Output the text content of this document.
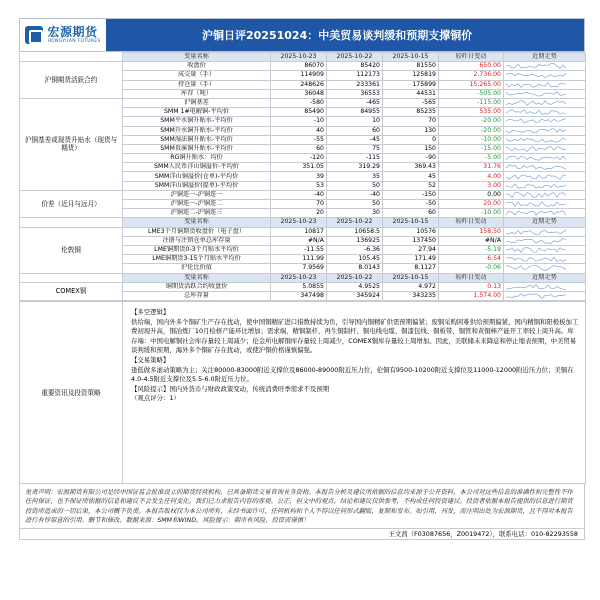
宏源期货
HONGYUAN FUTURES	沪铜日评20251024：中美贸易谈判缓和预期支撑铜价
	变量名称	2025-10-23	2025-10-22	2025-10-15	较昨日变动	近期走势
沪铜期货活跃合约	收盘价	86070	85420	81550	650.00	

	成交量（手）	114909	112173	125819	2,736.00	

	持仓量（手）	248626	233361	175899	15,265.00	

	库存（吨）	36048	36553	44531	-505.00	

沪铜基差或现货升贴水（现货与期货）	沪铜基差	-580	-465	-565	-115.00	

	SMM 1#电解铜-平均价	85490	84955	85235	535.00	

	SMM平水铜升贴水-平均价	-10	10	70	-20.00	

	SMM升水铜升贴水-平均价	40	60	130	-20.00	

	SMM湿法铜升贴水-平均价	-55	-45	0	-10.00	

	SMM贵溪铜升贴水-平均价	60	75	150	-15.00	

	RG铜升贴水：均价	-120	-115	-90	-5.00	

	SMM人民币洋山铜溢价-平均价	351.05	319.29	369.43	31.76	

	SMM洋山铜溢价(仓单)-平均价	39	35	45	4.00	

	SMM洋山铜溢价(提单)-平均价	53	50	52	3.00	

价差（近月与远月）	沪铜连一-沪铜连一	-40	-40	-150	0.00	

	沪铜连一-沪铜连二	70	50	-50	20.00	

	沪铜连二-沪铜连三	20	30	60	-10.00	

	变量名称	2025-10-23	2025-10-22	2025-10-15	较昨日变动	近期走势
伦敦铜	LME3个月铜期货收盘价（电子盘）	10817	10658.5	10576	158.50	

	注册与注销仓单总库存量	#N/A	136925	137450	#N/A	

	LME铜期货0-3个月贴水平均价	-11.55	-6.36	27.94	-5.19	

	LME铜期货3-15个月贴水平均价	111.99	105.45	171.49	6.54	

	沪伦比价值	7.9569	8.0143	8.1127	-0.06	

	变量名称	2025-10-23	2025-10-22	2025-10-15	较昨日变动	近期走势
COMEX铜	铜期货活跃合约收盘价	5.0855	4.9525	4.972	0.13	

	总库存量	347498	345924	343235	1,574.00	
重要资讯及投资策略	

【多空逻辑】

供给端，国内外多个铜矿生产存在扰动，使中国铜精矿进口指数持续为负，引导国内铜精矿供需预期偏紧；废铜采购困难供给预期偏紧，国内精铜和阳极板加工费初现升高，铜冶炼厂10月检修产能环比增加；需求端，精铜制杆、再生铜制杆、铜电线电缆、铜漆包线、铜板带、铜管和黄铜棒产能开工率较上周升高。库存端：中国电解铜社会库存量较上周减少；伦金所电解铜库存量较上周减少，COMEX铜库存量较上周增加。因此，美联储未来降息和停止缩表预期，中美贸易谈判缓和预期，海外多个铜矿存在扰动，或使沪铜价格谨慎偏强。

【交易策略】

逢低做多滚动策略为主；关注80000-83000附近支撑位及86000-89000附近压力位，伦铜有9500-10200附近支撑位及11000-12000附近压力位；美铜在4.0-4.5附近支撑位及5.5-6.0附近压力位。

【风险提示】国内外货币与财政政策变动，传统消费旺季需求不及预期

（观点评分：1）

免责声明：宏源期货有限公司是经中国证监会批准设立的期货经营机构，已具备期货交易咨询业务资格。本报告分析及建议所依据的信息均来源于公开资料，本公司对这些信息的准确性和完整性不作任何保证，也不保证所依据的信息和建议不会发生任何变化。我们已力求报告内容的客观、公正，但文中的观点、结论和建议仅供参考，不构成任何投资建议。投资者依据本报告提供的信息进行期货投资所造成的一切后果，本公司概不负责。本报告版权仅为本公司所有，未经书面许可，任何机构和个人不得以任何形式翻版、复制和发布。如引用、刊发，需注明出处为宏源期货，且不得对本报告进行有悖原意的引用、删节和修改。数据来源：SMM和WIND。风险提示：期市有风险，投资需谨慎！
王文茜（F03087656，Z0019472），联系电话：010-82293558
